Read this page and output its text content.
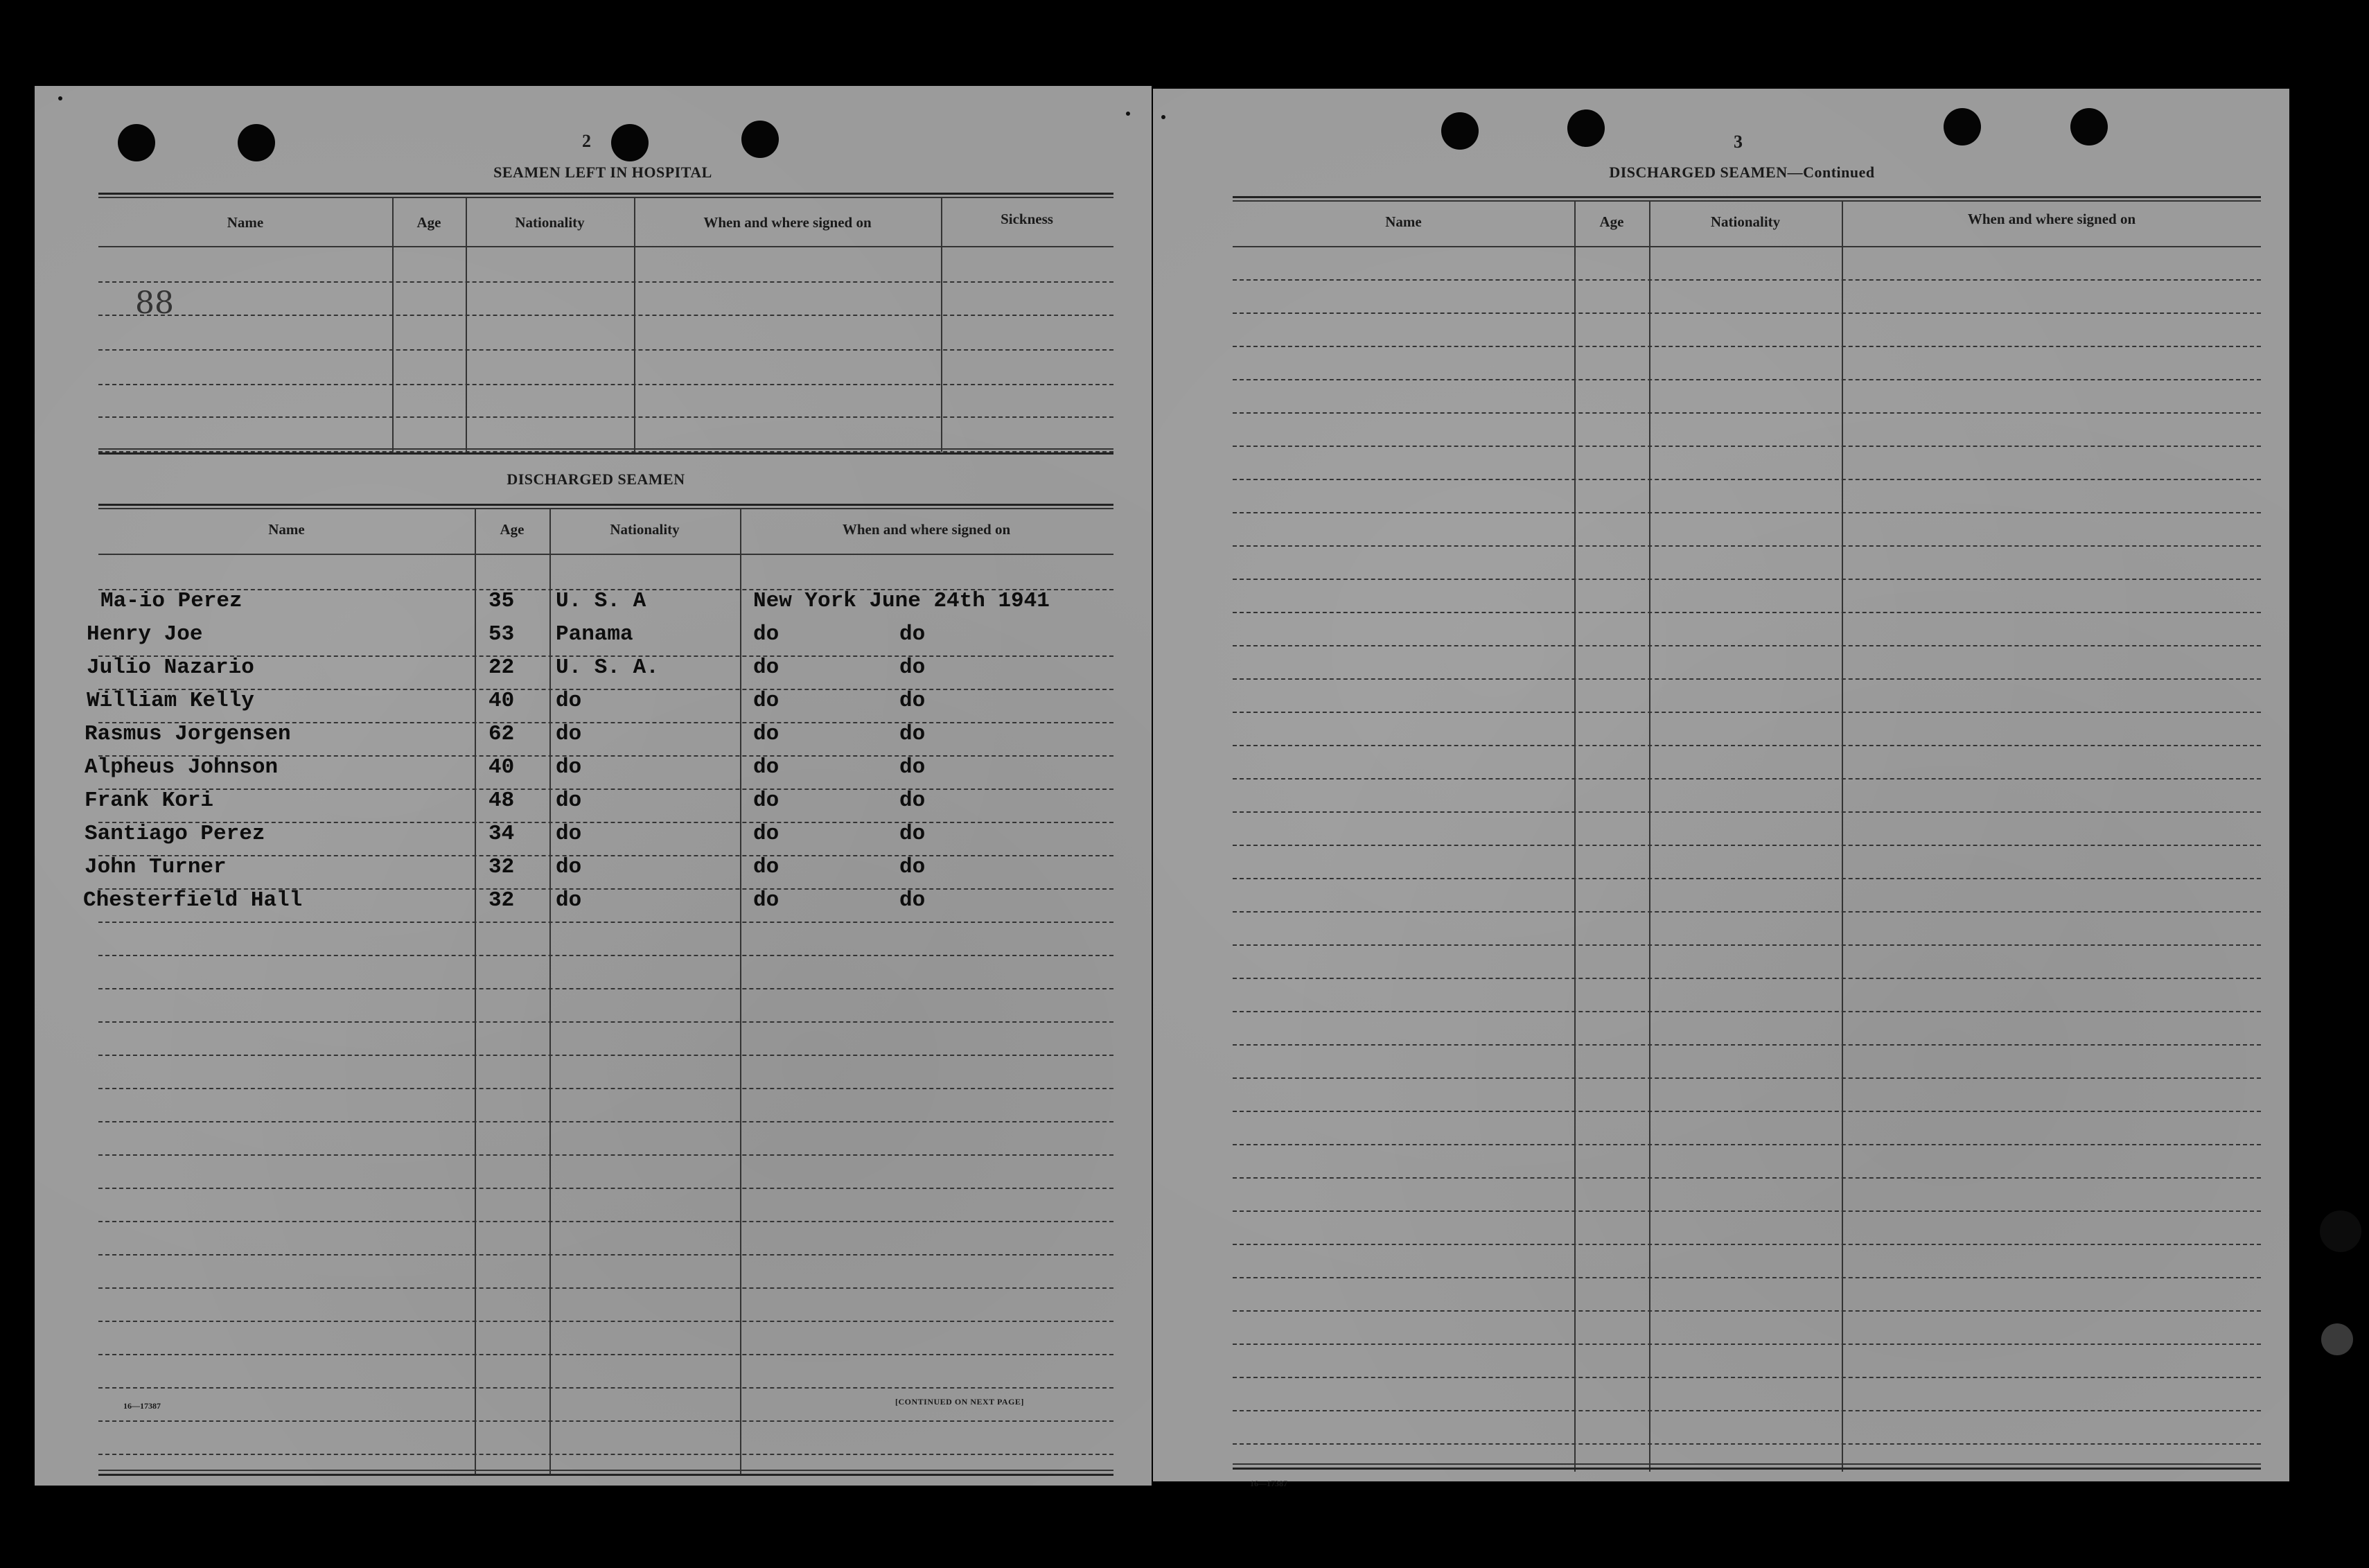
2
SEAMEN LEFT IN HOSPITAL
Name	Age	Nationality	When and where signed on	Sickness
88
DISCHARGED SEAMEN
Name	Age	Nationality	When and where signed on
Ma-io Perez	35 U. S. A	New York June 24th 1941
Henry Joe	53 Panama	do	do
Julio Nazario	22 U. S. A.	do	do
William Kelly	40 do	do	do
Rasmus Jorgensen	62 do	do	do
Alpheus Johnson	40 do	do	do
Frank Kori	48 do	do	do
Santiago Perez	34 do	do	do
John Turner	32 do	do	do
Chesterfield Hall	32 do	do	do
16—17387	[CONTINUED ON NEXT PAGE]
3
DISCHARGED SEAMEN—Continued
Name	Age	Nationality	When and where signed on
16—17387
